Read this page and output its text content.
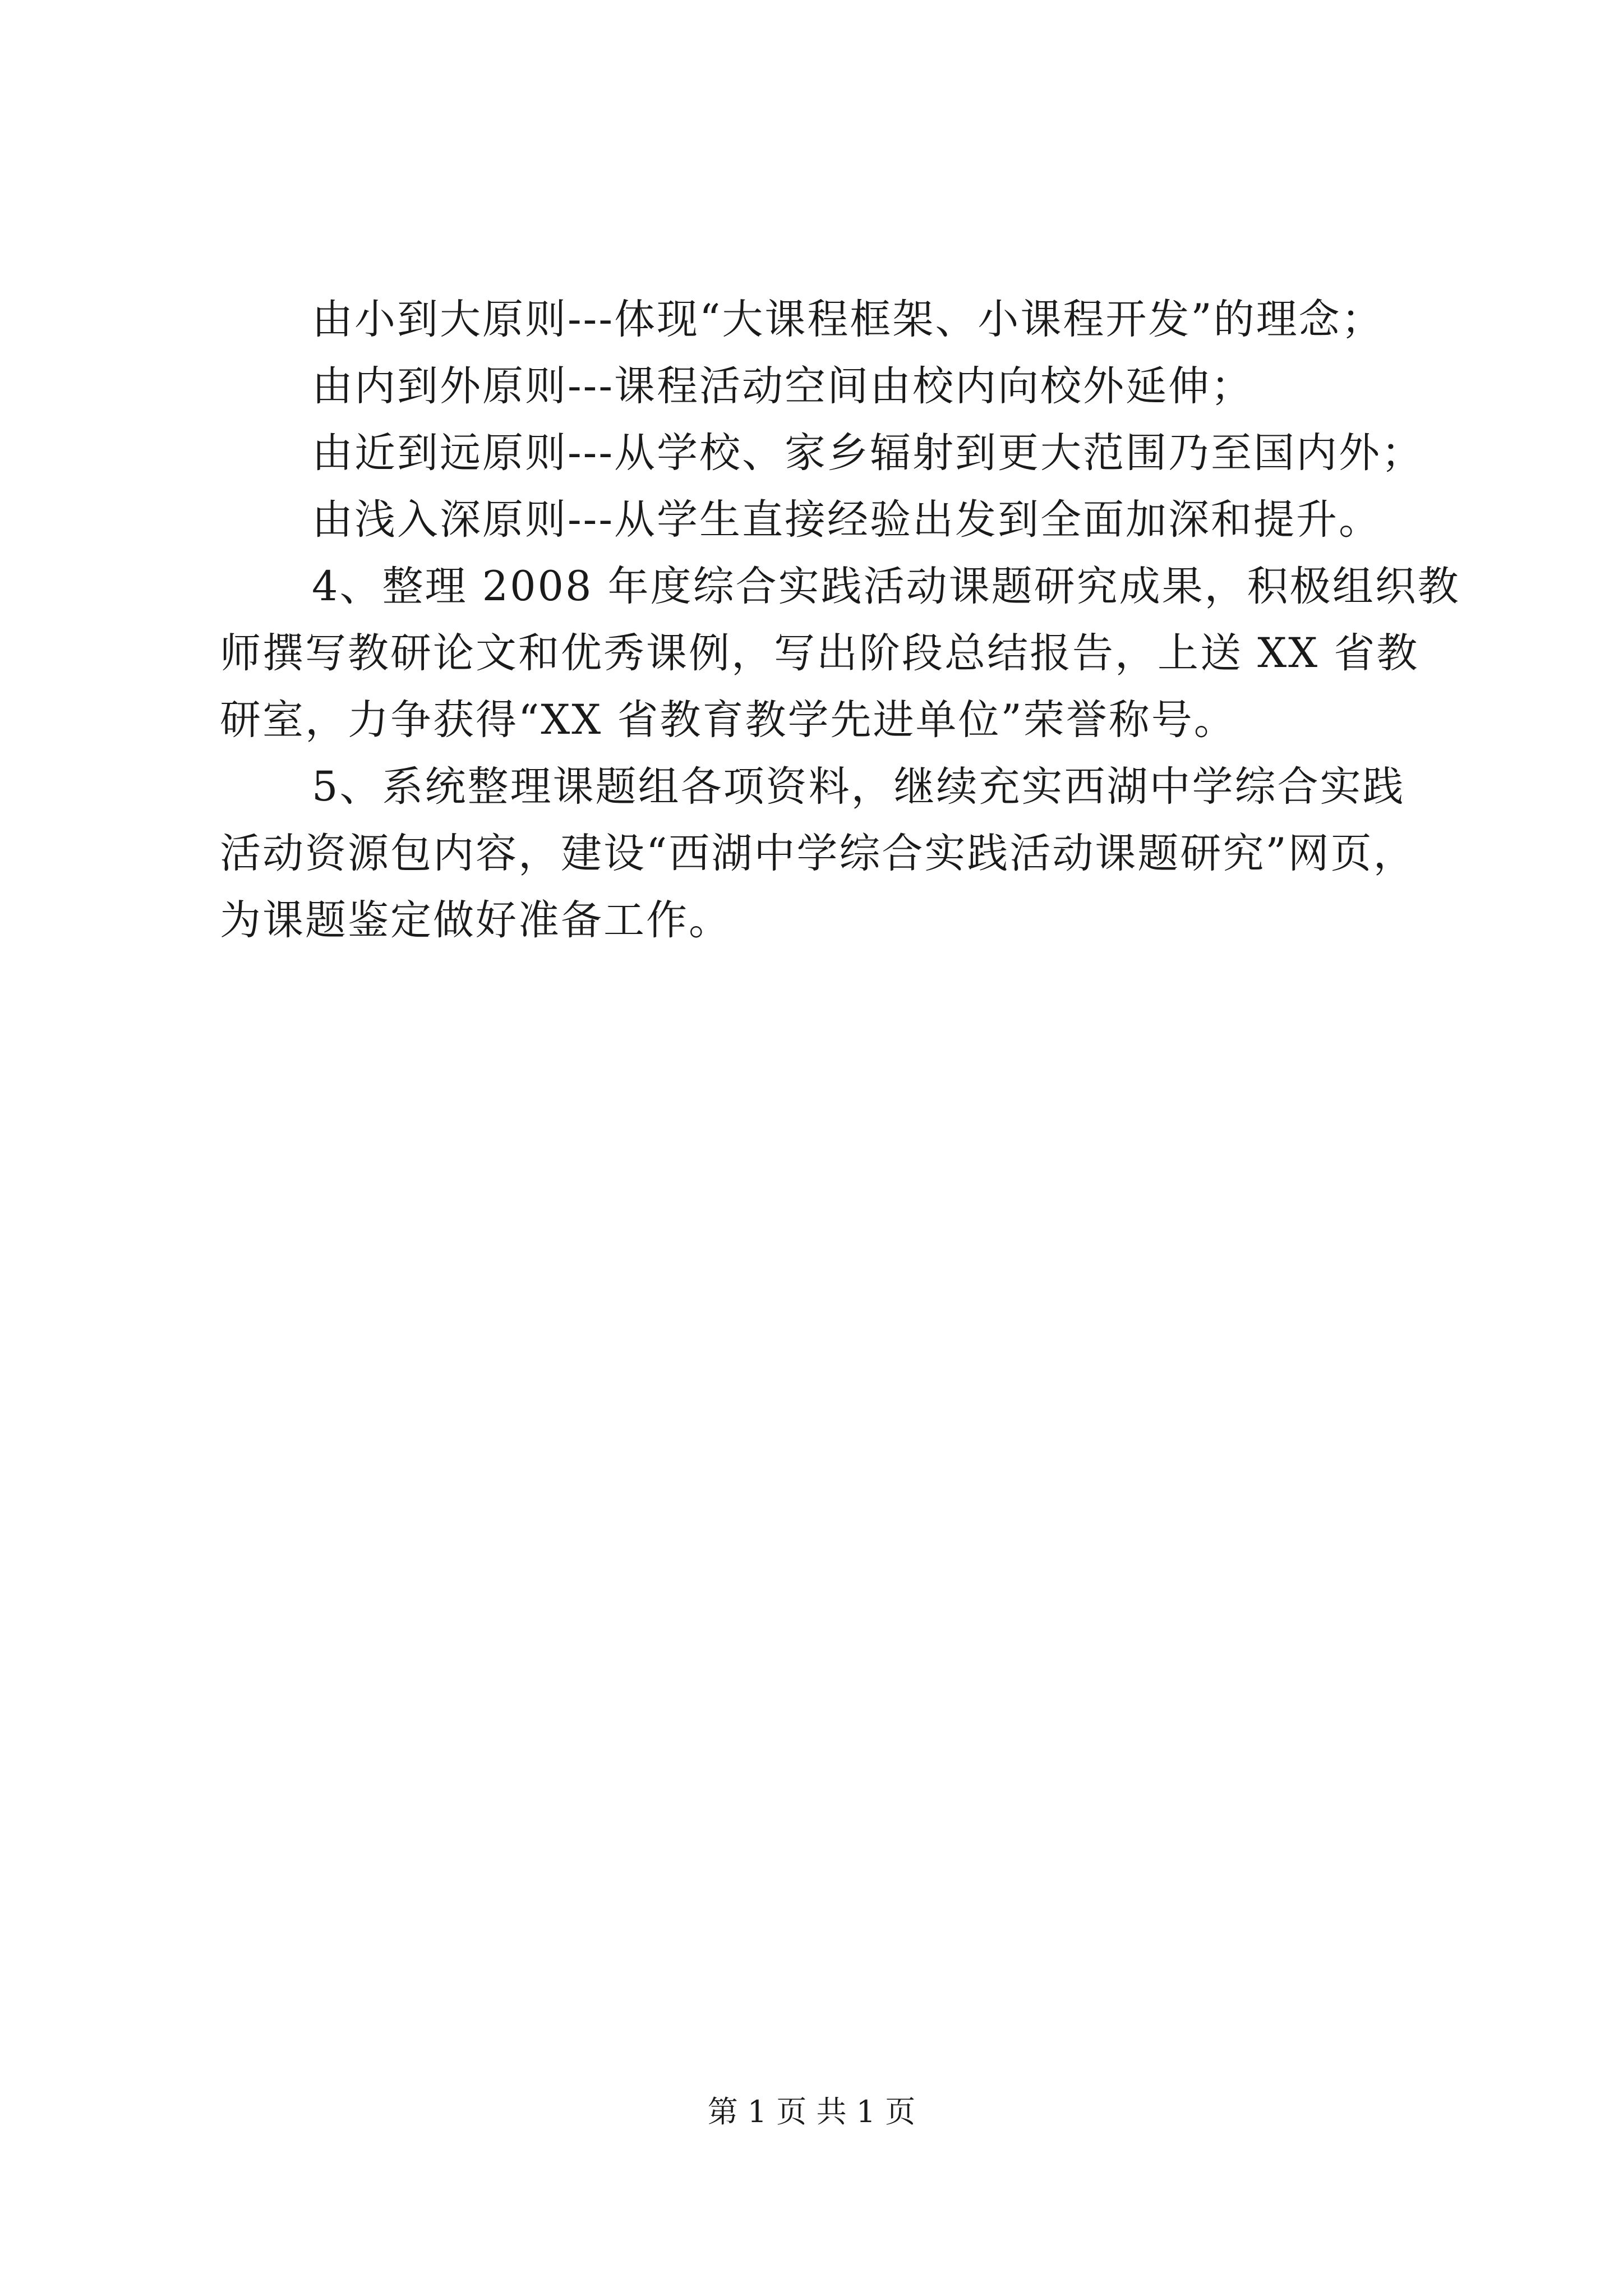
由小到大原则---体现“大课程框架、小课程开发”的理念；
由内到外原则---课程活动空间由校内向校外延伸；
由近到远原则---从学校、家乡辐射到更大范围乃至国内外；
由浅入深原则---从学生直接经验出发到全面加深和提升。
4、整理 2008 年度综合实践活动课题研究成果，积极组织教
师撰写教研论文和优秀课例，写出阶段总结报告，上送 XX 省教
研室，力争获得“XX 省教育教学先进单位”荣誉称号。
5、系统整理课题组各项资料，继续充实西湖中学综合实践
活动资源包内容，建设“西湖中学综合实践活动课题研究”网页，
为课题鉴定做好准备工作。
第 1 页 共 1 页
